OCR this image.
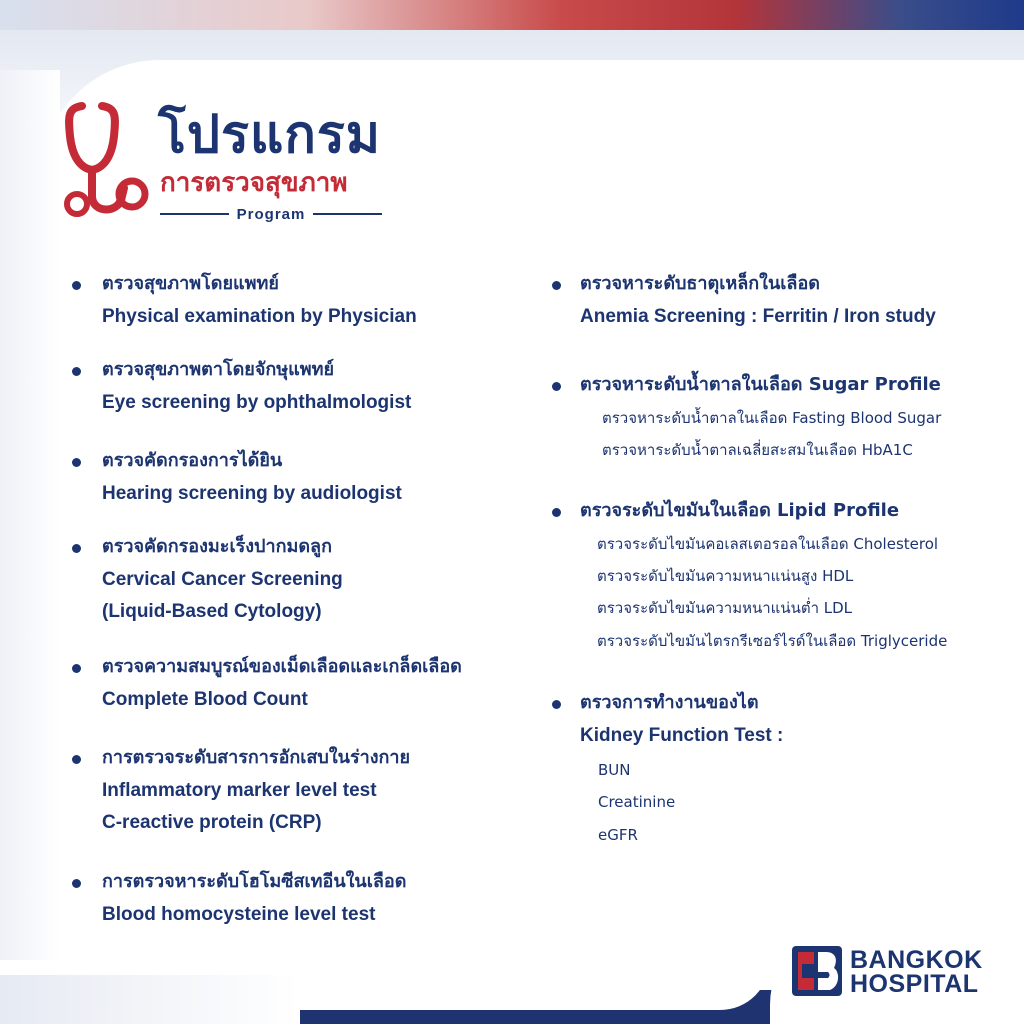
โปรแกรม
การตรวจสุขภาพ
Program
ตรวจสุขภาพโดยแพทย์
Physical examination by Physician
ตรวจสุขภาพตาโดยจักษุแพทย์
Eye screening by ophthalmologist
ตรวจคัดกรองการได้ยิน
Hearing screening by audiologist
ตรวจคัดกรองมะเร็งปากมดลูก
Cervical Cancer Screening
(Liquid-Based Cytology)
ตรวจความสมบูรณ์ของเม็ดเลือดและเกล็ดเลือด
Complete Blood Count
การตรวจระดับสารการอักเสบในร่างกาย
Inflammatory marker level test
C-reactive protein (CRP)
การตรวจหาระดับโฮโมซีสเทอีนในเลือด
Blood homocysteine level test
ตรวจหาระดับธาตุเหล็กในเลือด
Anemia Screening : Ferritin / Iron study
ตรวจหาระดับน้ำตาลในเลือด Sugar Profile
ตรวจหาระดับน้ำตาลในเลือด Fasting Blood Sugar
ตรวจหาระดับน้ำตาลเฉลี่ยสะสมในเลือด HbA1C
ตรวจระดับไขมันในเลือด Lipid Profile
ตรวจระดับไขมันคอเลสเตอรอลในเลือด Cholesterol
ตรวจระดับไขมันความหนาแน่นสูง HDL
ตรวจระดับไขมันความหนาแน่นต่ำ LDL
ตรวจระดับไขมันไตรกรีเซอร์ไรด์ในเลือด Triglyceride
ตรวจการทำงานของไต
Kidney Function Test :
BUN
Creatinine
eGFR
BANGKOK
HOSPITAL
